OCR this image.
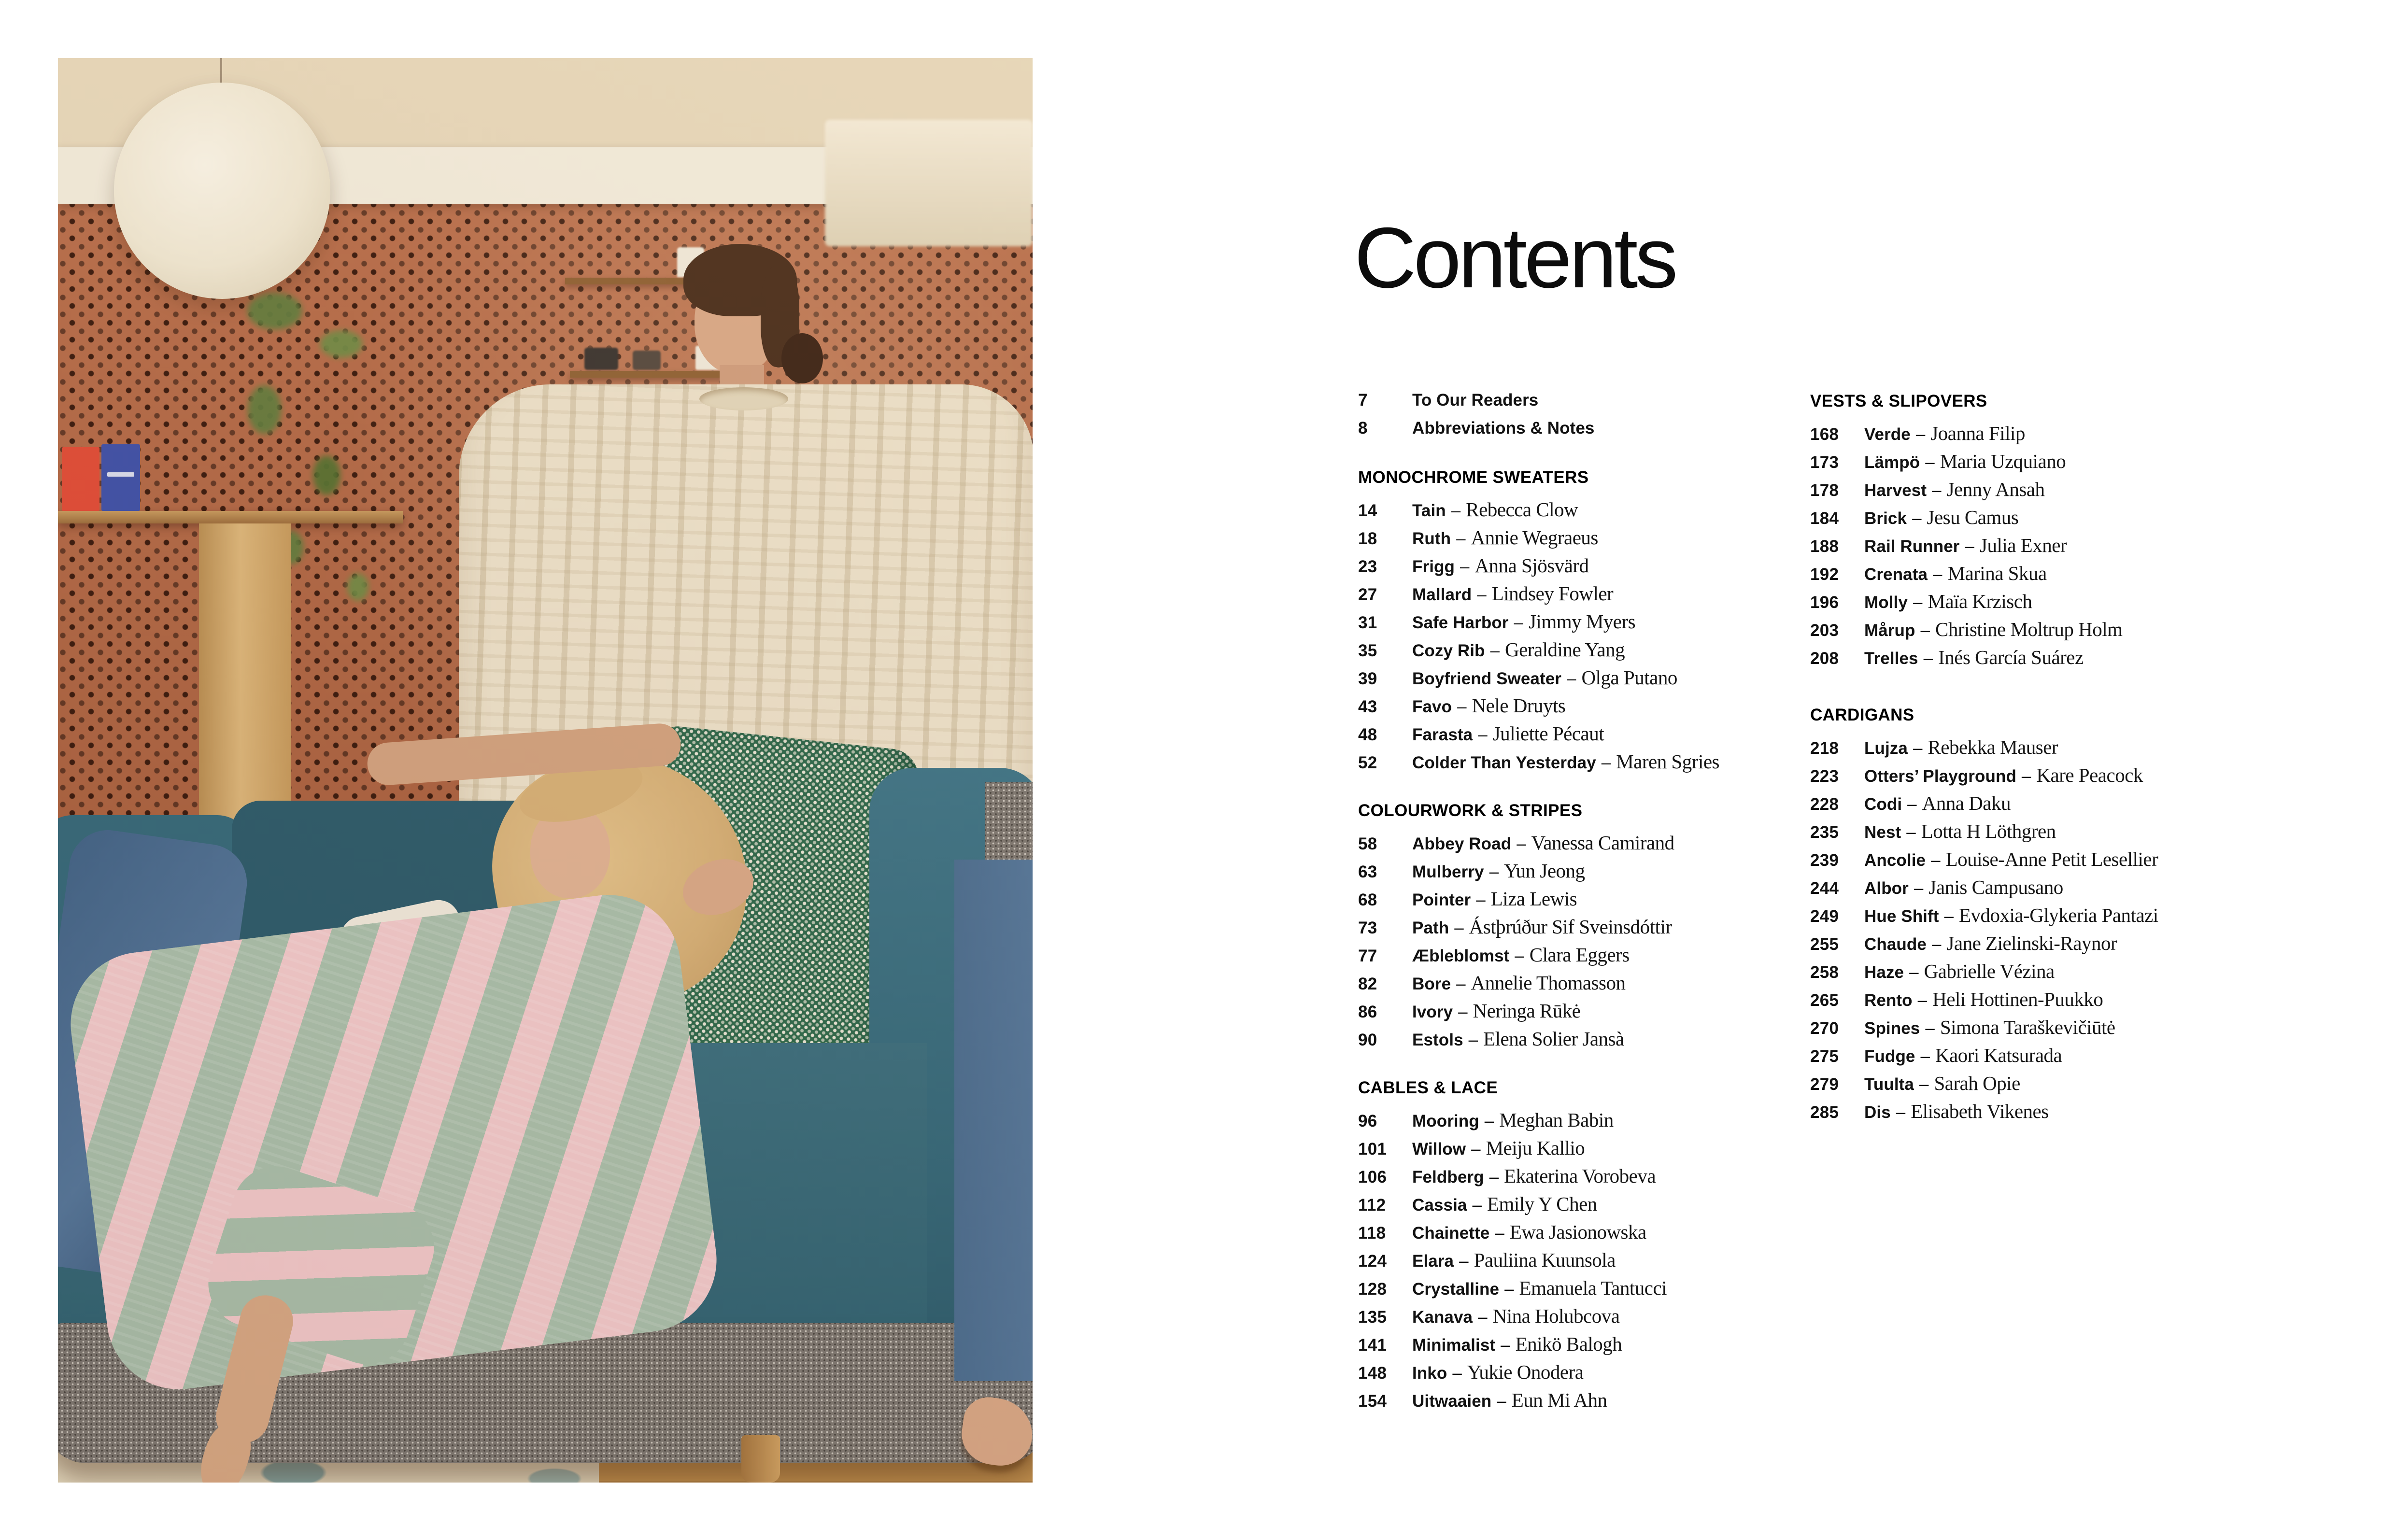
Contents
7	To Our Readers
8	Abbreviations & Notes
MONOCHROME SWEATERS
14	Tain – Rebecca Clow
18	Ruth – Annie Wegraeus
23	Frigg – Anna Sjösvärd
27	Mallard – Lindsey Fowler
31	Safe Harbor – Jimmy Myers
35	Cozy Rib – Geraldine Yang
39	Boyfriend Sweater – Olga Putano
43	Favo – Nele Druyts
48	Farasta – Juliette Pécaut
52	Colder Than Yesterday – Maren Sgries
COLOURWORK & STRIPES
58	Abbey Road – Vanessa Camirand
63	Mulberry – Yun Jeong
68	Pointer – Liza Lewis
73	Path – Ástþrúður Sif Sveinsdóttir
77	Æbleblomst – Clara Eggers
82	Bore – Annelie Thomasson
86	Ivory – Neringa Rūkė
90	Estols – Elena Solier Jansà
CABLES & LACE
96	Mooring – Meghan Babin
101	Willow – Meiju Kallio
106	Feldberg – Ekaterina Vorobeva
112	Cassia – Emily Y Chen
118	Chainette – Ewa Jasionowska
124	Elara – Pauliina Kuunsola
128	Crystalline – Emanuela Tantucci
135	Kanava – Nina Holubcova
141	Minimalist – Enikö Balogh
148	Inko – Yukie Onodera
154	Uitwaaien – Eun Mi Ahn
VESTS & SLIPOVERS
168	Verde – Joanna Filip
173	Lämpö – Maria Uzquiano
178	Harvest – Jenny Ansah
184	Brick – Jesu Camus
188	Rail Runner – Julia Exner
192	Crenata – Marina Skua
196	Molly – Maïa Krzisch
203	Mårup – Christine Moltrup Holm
208	Trelles – Inés García Suárez
CARDIGANS
218	Lujza – Rebekka Mauser
223	Otters’ Playground – Kare Peacock
228	Codi – Anna Daku
235	Nest – Lotta H Löthgren
239	Ancolie – Louise-Anne Petit Lesellier
244	Albor – Janis Campusano
249	Hue Shift – Evdoxia-Glykeria Pantazi
255	Chaude – Jane Zielinski-Raynor
258	Haze – Gabrielle Vézina
265	Rento – Heli Hottinen-Puukko
270	Spines – Simona Taraškevičiūtė
275	Fudge – Kaori Katsurada
279	Tuulta – Sarah Opie
285	Dis – Elisabeth Vikenes
